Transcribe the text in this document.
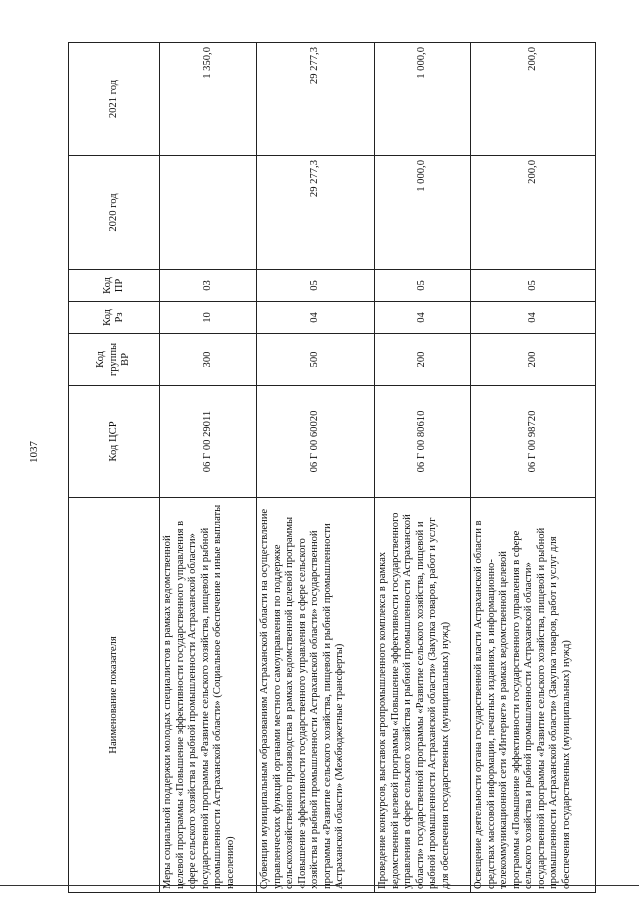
1037
Наименование показателя	Код ЦСР	Код группы ВР	Код Рз	Код ПР	2020 год	2021 год
Меры социальной поддержки молодых специалистов в рамках ведомственной целевой программы «Повышение эффективности государственного управления в сфере сельского хозяйства и рыбной промышленности Астраханской области» государственной программы «Развитие сельского хозяйства, пищевой и рыбной промышленности Астраханской области» (Социальное обеспечение и иные выплаты населению)	06 Г 00 29011	300	10	03		1 350,0
Субвенции муниципальным образованиям Астраханской области на осуществление управленческих функций органами местного самоуправления по поддержке сельскохозяйственного производства в рамках ведомственной целевой программы «Повышение эффективности государственного управления в сфере сельского хозяйства и рыбной промышленности Астраханской области» государственной программы «Развитие сельского хозяйства, пищевой и рыбной промышленности Астраханской области» (Межбюджетные трансферты)	06 Г 00 60020	500	04	05	29 277,3	29 277,3
Проведение конкурсов, выставок агропромышленного комплекса в рамках ведомственной целевой программы «Повышение эффективности государственного управления в сфере сельского хозяйства и рыбной промышленности Астраханской области» государственной программы «Развитие сельского хозяйства, пищевой и рыбной промышленности Астраханской области» (Закупка товаров, работ и услуг для обеспечения государственных (муниципальных) нужд)	06 Г 00 80610	200	04	05	1 000,0	1 000,0
Освещение деятельности органа государственной власти Астраханской области в средствах массовой информации, печатных изданиях, в информационно-телекоммуникационной сети «Интернет» в рамках ведомственной целевой программы «Повышение эффективности государственного управления в сфере сельского хозяйства и рыбной промышленности Астраханской области» государственной программы «Развитие сельского хозяйства, пищевой и рыбной промышленности Астраханской области» (Закупка товаров, работ и услуг для обеспечения государственных (муниципальных) нужд)	06 Г 00 98720	200	04	05	200,0	200,0
